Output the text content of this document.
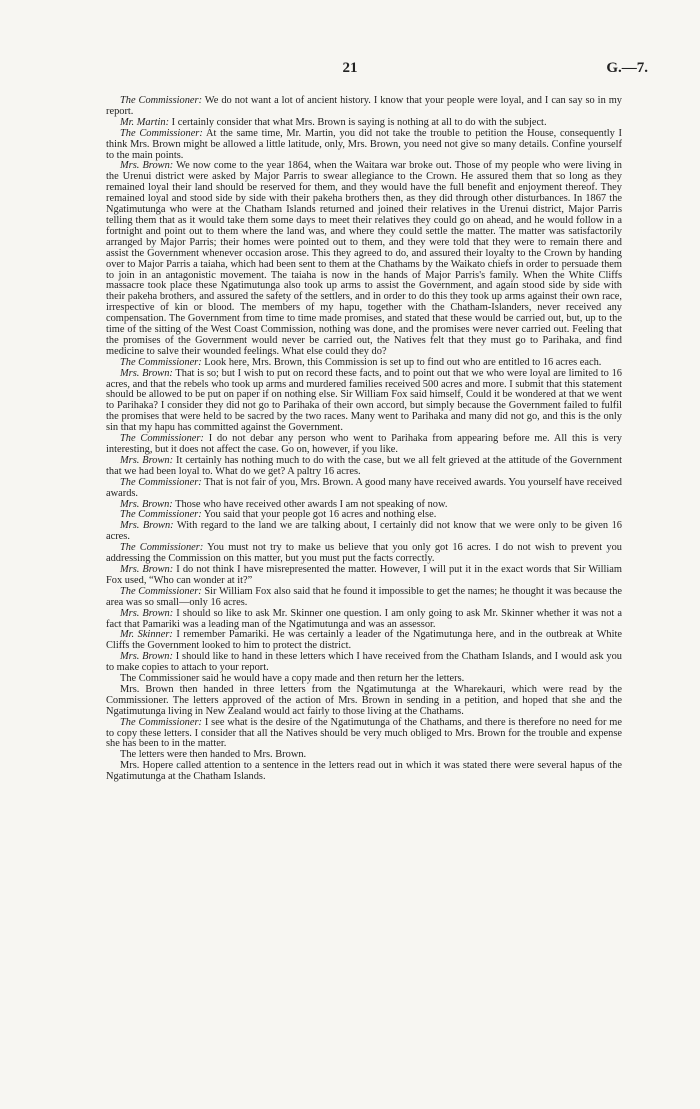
21	G.—7.

The Commissioner: We do not want a lot of ancient history. I know that your people were loyal, and I can say so in my report.

Mr. Martin: I certainly consider that what Mrs. Brown is saying is nothing at all to do with the subject.

The Commissioner: At the same time, Mr. Martin, you did not take the trouble to petition the House, consequently I think Mrs. Brown might be allowed a little latitude, only, Mrs. Brown, you need not give so many details. Confine yourself to the main points.

Mrs. Brown: We now come to the year 1864, when the Waitara war broke out. Those of my people who were living in the Urenui district were asked by Major Parris to swear allegiance to the Crown. He assured them that so long as they remained loyal their land should be reserved for them, and they would have the full benefit and enjoyment thereof. They remained loyal and stood side by side with their pakeha brothers then, as they did through other disturbances. In 1867 the Ngatimutunga who were at the Chatham Islands returned and joined their relatives in the Urenui district, Major Parris telling them that as it would take them some days to meet their relatives they could go on ahead, and he would follow in a fortnight and point out to them where the land was, and where they could settle the matter. The matter was satisfactorily arranged by Major Parris; their homes were pointed out to them, and they were told that they were to remain there and assist the Government whenever occasion arose. This they agreed to do, and assured their loyalty to the Crown by handing over to Major Parris a taiaha, which had been sent to them at the Chathams by the Waikato chiefs in order to persuade them to join in an antagonistic movement. The taiaha is now in the hands of Major Parris's family. When the White Cliffs massacre took place these Ngatimutunga also took up arms to assist the Government, and again stood side by side with their pakeha brothers, and assured the safety of the settlers, and in order to do this they took up arms against their own race, irrespective of kin or blood. The members of my hapu, together with the Chatham-Islanders, never received any compensation. The Government from time to time made promises, and stated that these would be carried out, but, up to the time of the sitting of the West Coast Commission, nothing was done, and the promises were never carried out. Feeling that the promises of the Government would never be carried out, the Natives felt that they must go to Parihaka, and find medicine to salve their wounded feelings. What else could they do?

The Commissioner: Look here, Mrs. Brown, this Commission is set up to find out who are entitled to 16 acres each.

Mrs. Brown: That is so; but I wish to put on record these facts, and to point out that we who were loyal are limited to 16 acres, and that the rebels who took up arms and murdered families received 500 acres and more. I submit that this statement should be allowed to be put on paper if on nothing else. Sir William Fox said himself, Could it be wondered at that we went to Parihaka? I consider they did not go to Parihaka of their own accord, but simply because the Government failed to fulfil the promises that were held to be sacred by the two races. Many went to Parihaka and many did not go, and this is the only sin that my hapu has committed against the Government.

The Commissioner: I do not debar any person who went to Parihaka from appearing before me. All this is very interesting, but it does not affect the case. Go on, however, if you like.

Mrs. Brown: It certainly has nothing much to do with the case, but we all felt grieved at the attitude of the Government that we had been loyal to. What do we get? A paltry 16 acres.

The Commissioner: That is not fair of you, Mrs. Brown. A good many have received awards. You yourself have received awards.

Mrs. Brown: Those who have received other awards I am not speaking of now.

The Commissioner: You said that your people got 16 acres and nothing else.

Mrs. Brown: With regard to the land we are talking about, I certainly did not know that we were only to be given 16 acres.

The Commissioner: You must not try to make us believe that you only got 16 acres. I do not wish to prevent you addressing the Commission on this matter, but you must put the facts correctly.

Mrs. Brown: I do not think I have misrepresented the matter. However, I will put it in the exact words that Sir William Fox used, “Who can wonder at it?”

The Commissioner: Sir William Fox also said that he found it impossible to get the names; he thought it was because the area was so small—only 16 acres.

Mrs. Brown: I should so like to ask Mr. Skinner one question. I am only going to ask Mr. Skinner whether it was not a fact that Pamariki was a leading man of the Ngatimutunga and was an assessor.

Mr. Skinner: I remember Pamariki. He was certainly a leader of the Ngatimutunga here, and in the outbreak at White Cliffs the Government looked to him to protect the district.

Mrs. Brown: I should like to hand in these letters which I have received from the Chatham Islands, and I would ask you to make copies to attach to your report.

The Commissioner said he would have a copy made and then return her the letters.

Mrs. Brown then handed in three letters from the Ngatimutunga at the Wharekauri, which were read by the Commissioner. The letters approved of the action of Mrs. Brown in sending in a petition, and hoped that she and the Ngatimutunga living in New Zealand would act fairly to those living at the Chathams.

The Commissioner: I see what is the desire of the Ngatimutunga of the Chathams, and there is therefore no need for me to copy these letters. I consider that all the Natives should be very much obliged to Mrs. Brown for the trouble and expense she has been to in the matter.

The letters were then handed to Mrs. Brown.

Mrs. Hopere called attention to a sentence in the letters read out in which it was stated there were several hapus of the Ngatimutunga at the Chatham Islands.
